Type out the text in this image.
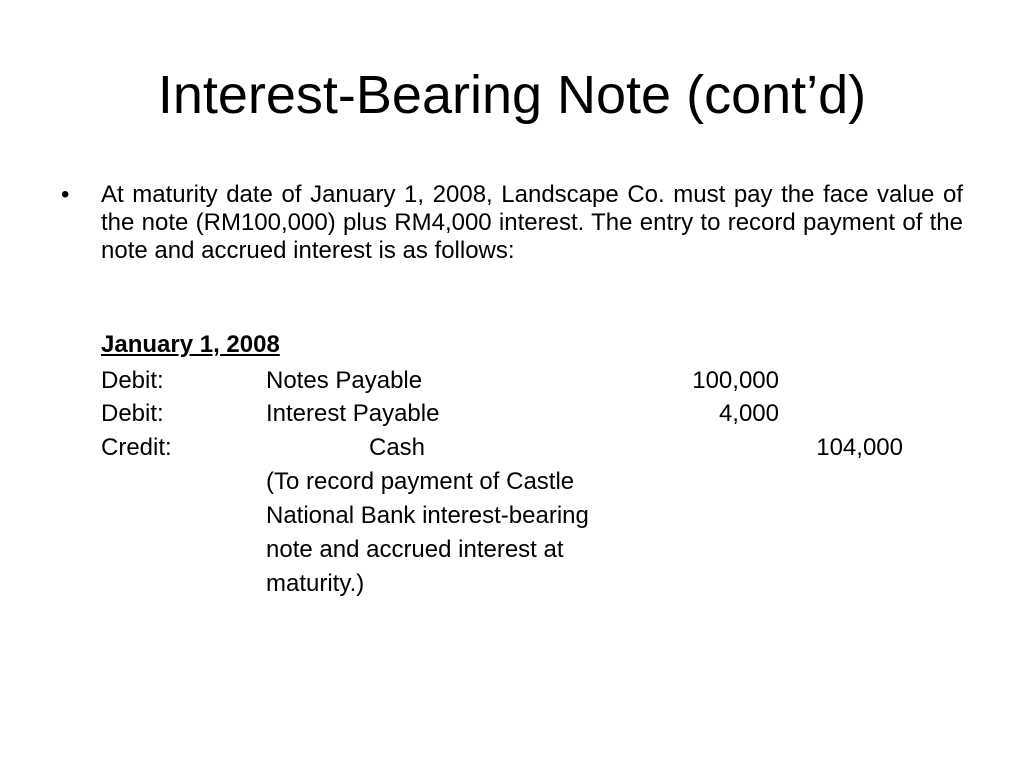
Interest-Bearing Note (cont’d)
• At maturity date of January 1, 2008, Landscape Co. must pay the face value of the note (RM100,000) plus RM4,000 interest. The entry to record payment of the note and accrued interest is as follows:
January 1, 2008
Debit:	Notes Payable	100,000
Debit:	Interest Payable	4,000
Credit:	Cash	104,000
(To record payment of Castle
National Bank interest-bearing
note and accrued interest at
maturity.)
